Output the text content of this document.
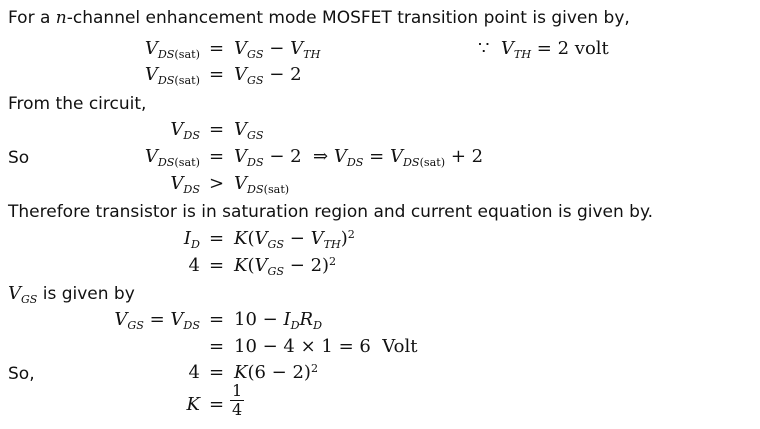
For a n-channel enhancement mode MOSFET transition point is given by,
$V_{DS(sat)} = V_{GS} - V_{TH}$	∵ $V_{TH} = 2$ volt
$V_{DS(sat)} = V_{GS} - 2$
From the circuit,
$V_{DS} = V_{GS}$
So	$V_{DS(sat)} = V_{DS} - 2$ ⇒ $V_{DS} = V_{DS(sat)} + 2$
$V_{DS} > V_{DS(sat)}$
Therefore transistor is in saturation region and current equation is given by.
$I_D = K(V_{GS} - V_{TH})^2$
$4 = K(V_{GS} - 2)^2$
$V_{GS}$ is given by
$V_{GS} = V_{DS} = 10 - I_DR_D$
= 10 − 4 × 1 = 6 Volt
So,	$4 = K(6 - 2)^2$
$K = \frac{1}{4}$
